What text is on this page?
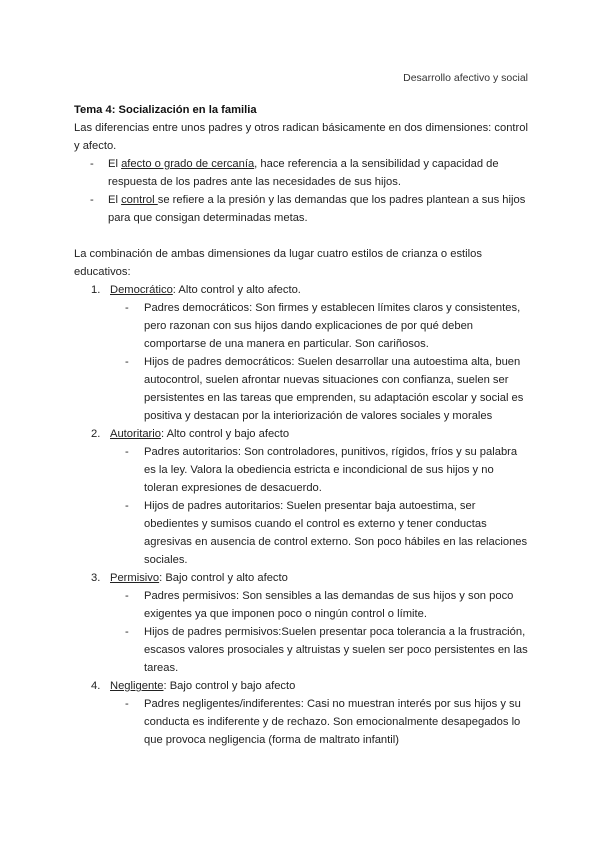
Desarrollo afectivo y social

Tema 4: Socialización en la familia

Las diferencias entre unos padres y otros radican básicamente en dos dimensiones: control y afecto.

- El afecto o grado de cercanía, hace referencia a la sensibilidad y capacidad de respuesta de los padres ante las necesidades de sus hijos.
- El control se refiere a la presión y las demandas que los padres plantean a sus hijos para que consigan determinadas metas.

La combinación de ambas dimensiones da lugar cuatro estilos de crianza o estilos educativos:

1. Democrático: Alto control y alto afecto.
- Padres democráticos: Son firmes y establecen límites claros y consistentes, pero razonan con sus hijos dando explicaciones de por qué deben comportarse de una manera en particular. Son cariñosos.
- Hijos de padres democráticos: Suelen desarrollar una autoestima alta, buen autocontrol, suelen afrontar nuevas situaciones con confianza, suelen ser persistentes en las tareas que emprenden, su adaptación escolar y social es positiva y destacan por la interiorización de valores sociales y morales
2. Autoritario: Alto control y bajo afecto
- Padres autoritarios: Son controladores, punitivos, rígidos, fríos y su palabra es la ley. Valora la obediencia estricta e incondicional de sus hijos y no toleran expresiones de desacuerdo.
- Hijos de padres autoritarios: Suelen presentar baja autoestima, ser obedientes y sumisos cuando el control es externo y tener conductas agresivas en ausencia de control externo. Son poco hábiles en las relaciones sociales.
3. Permisivo: Bajo control y alto afecto
- Padres permisivos: Son sensibles a las demandas de sus hijos y son poco exigentes ya que imponen poco o ningún control o límite.
- Hijos de padres permisivos:Suelen presentar poca tolerancia a la frustración, escasos valores prosociales y altruistas y suelen ser poco persistentes en las tareas.
4. Negligente: Bajo control y bajo afecto
- Padres negligentes/indiferentes: Casi no muestran interés por sus hijos y su conducta es indiferente y de rechazo. Son emocionalmente desapegados lo que provoca negligencia (forma de maltrato infantil)
